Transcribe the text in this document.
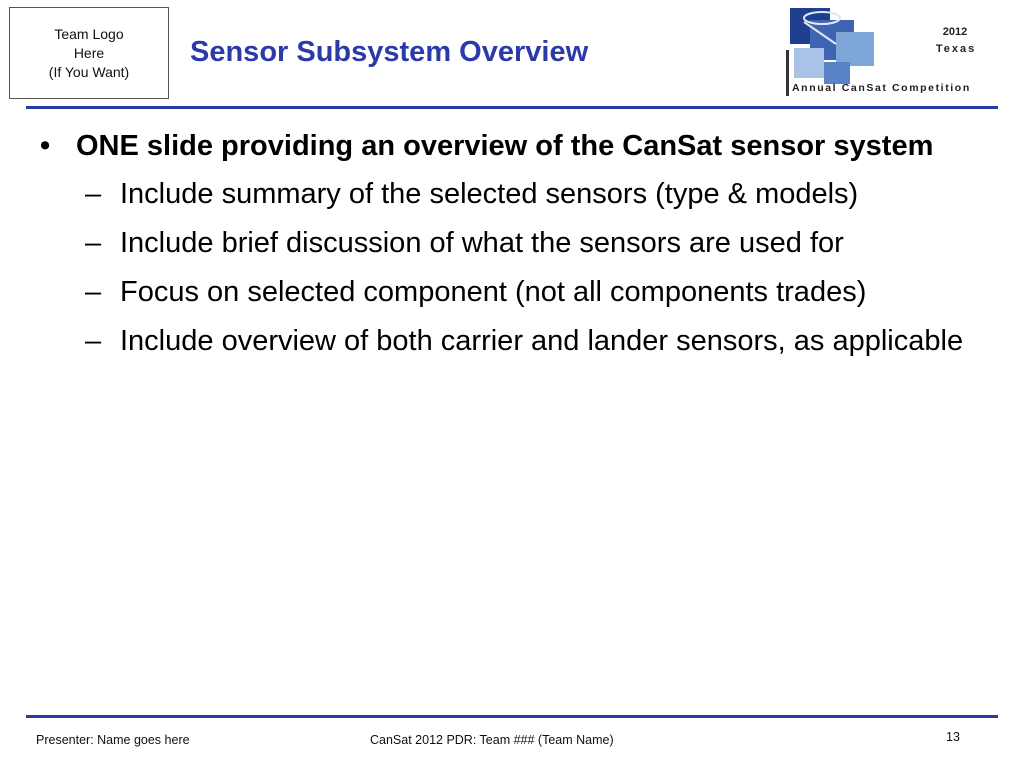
Team Logo
Here
(If You Want)
Sensor Subsystem Overview
2012
Texas
Annual CanSat Competition
• ONE slide providing an overview of the CanSat sensor system
– Include summary of the selected sensors (type & models)
– Include brief discussion of what the sensors are used for
– Focus on selected component (not all components trades)
– Include overview of both carrier and lander sensors, as applicable
Presenter: Name goes here	CanSat 2012 PDR: Team ### (Team Name)	13
